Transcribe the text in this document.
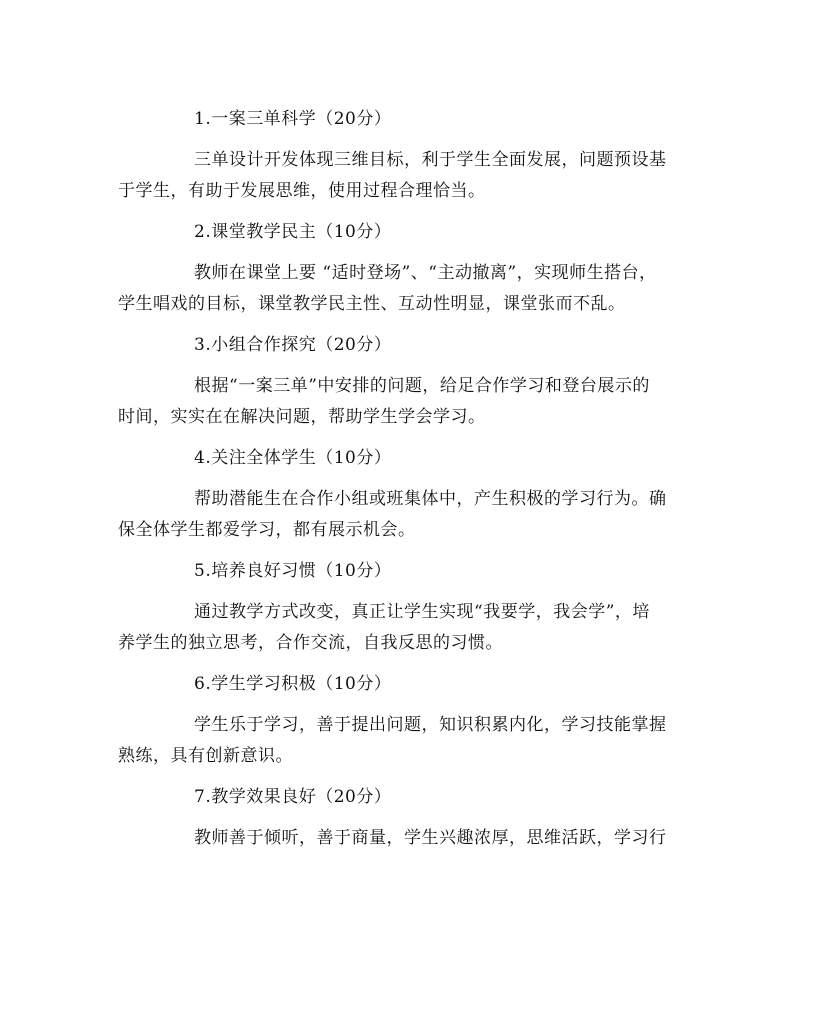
1.一案三单科学（20分）
三单设计开发体现三维目标，利于学生全面发展，问题预设基
于学生，有助于发展思维，使用过程合理恰当。
2.课堂教学民主（10分）
教师在课堂上要 “适时登场”、“主动撤离”，实现师生搭台，
学生唱戏的目标，课堂教学民主性、互动性明显，课堂张而不乱。
3.小组合作探究（20分）
根据“一案三单”中安排的问题，给足合作学习和登台展示的
时间，实实在在解决问题，帮助学生学会学习。
4.关注全体学生（10分）
帮助潜能生在合作小组或班集体中，产生积极的学习行为。确
保全体学生都爱学习，都有展示机会。
5.培养良好习惯（10分）
通过教学方式改变，真正让学生实现“我要学，我会学”，培
养学生的独立思考，合作交流，自我反思的习惯。
6.学生学习积极（10分）
学生乐于学习，善于提出问题，知识积累内化，学习技能掌握
熟练，具有创新意识。
7.教学效果良好（20分）
教师善于倾听，善于商量，学生兴趣浓厚，思维活跃，学习行
